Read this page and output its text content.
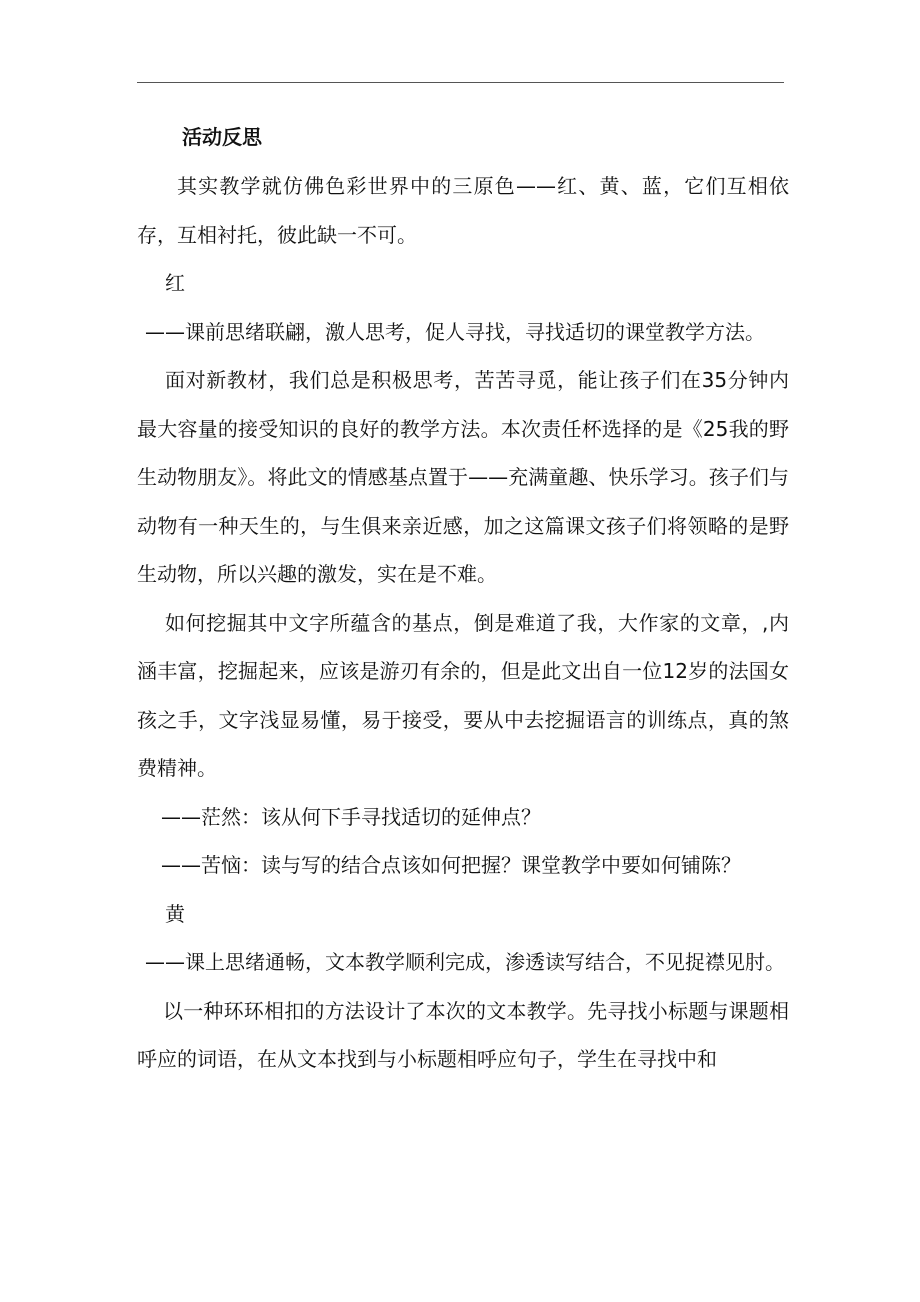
活动反思

其实教学就仿佛色彩世界中的三原色——红、黄、蓝，它们互相依存，互相衬托，彼此缺一不可。

红

——课前思绪联翩，激人思考，促人寻找，寻找适切的课堂教学方法。

面对新教材，我们总是积极思考，苦苦寻觅，能让孩子们在35分钟内最大容量的接受知识的良好的教学方法。本次责任杯选择的是《25我的野生动物朋友》。将此文的情感基点置于——充满童趣、快乐学习。孩子们与动物有一种天生的，与生俱来亲近感，加之这篇课文孩子们将领略的是野生动物，所以兴趣的激发，实在是不难。

如何挖掘其中文字所蕴含的基点，倒是难道了我，大作家的文章，,内涵丰富，挖掘起来，应该是游刃有余的，但是此文出自一位12岁的法国女孩之手，文字浅显易懂，易于接受，要从中去挖掘语言的训练点，真的煞费精神。

——茫然：该从何下手寻找适切的延伸点？

——苦恼：读与写的结合点该如何把握？课堂教学中要如何铺陈？

黄

——课上思绪通畅，文本教学顺利完成，渗透读写结合，不见捉襟见肘。

以一种环环相扣的方法设计了本次的文本教学。先寻找小标题与课题相呼应的词语，在从文本找到与小标题相呼应句子，学生在寻找中和
